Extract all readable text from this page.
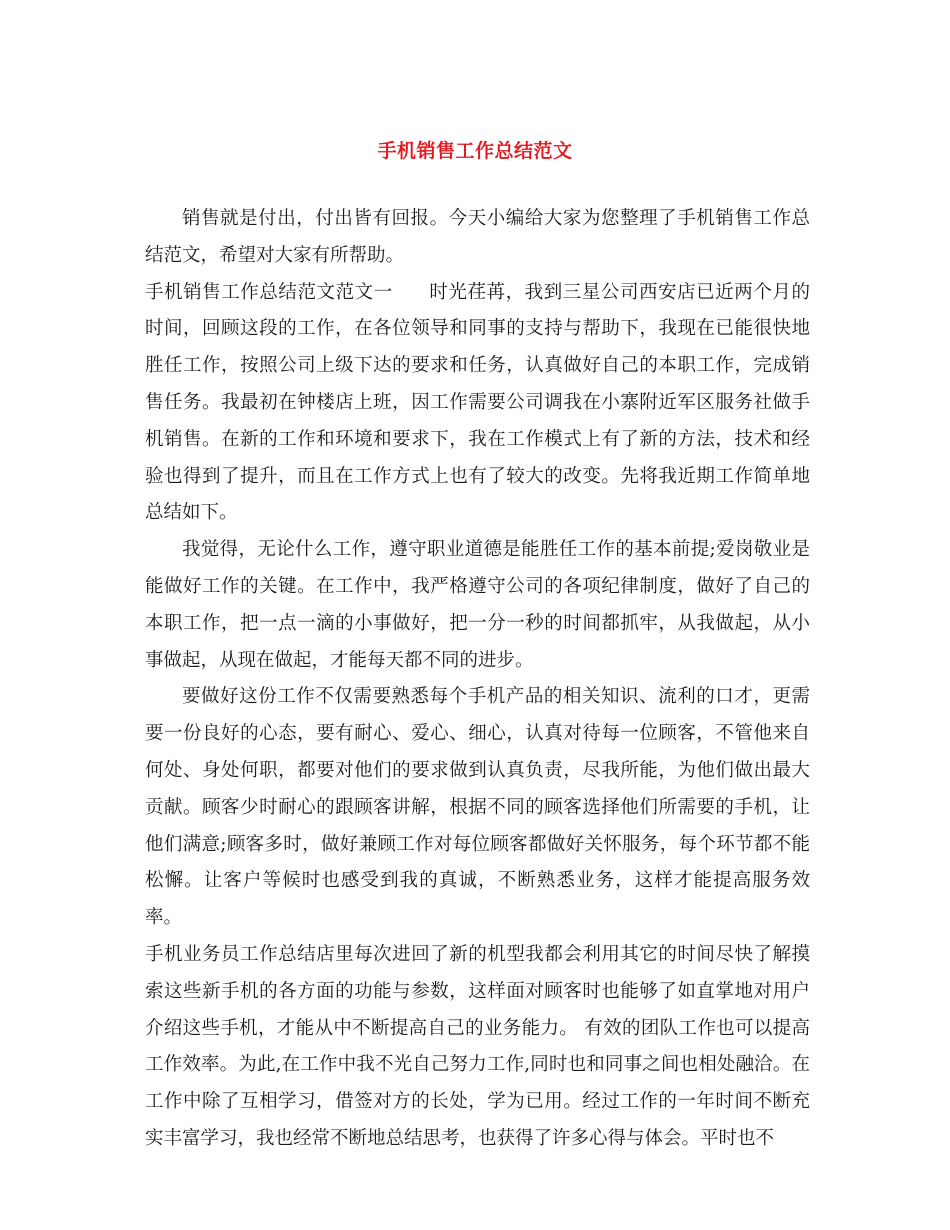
手机销售工作总结范文

销售就是付出，付出皆有回报。今天小编给大家为您整理了手机销售工作总结范文，希望对大家有所帮助。

手机销售工作总结范文范文一 时光荏苒，我到三星公司西安店已近两个月的时间，回顾这段的工作，在各位领导和同事的支持与帮助下，我现在已能很快地胜任工作，按照公司上级下达的要求和任务，认真做好自己的本职工作，完成销售任务。我最初在钟楼店上班，因工作需要公司调我在小寨附近军区服务社做手机销售。在新的工作和环境和要求下，我在工作模式上有了新的方法，技术和经验也得到了提升，而且在工作方式上也有了较大的改变。先将我近期工作简单地总结如下。

我觉得，无论什么工作，遵守职业道德是能胜任工作的基本前提;爱岗敬业是能做好工作的关键。在工作中，我严格遵守公司的各项纪律制度，做好了自己的本职工作，把一点一滴的小事做好，把一分一秒的时间都抓牢，从我做起，从小事做起，从现在做起，才能每天都不同的进步。

要做好这份工作不仅需要熟悉每个手机产品的相关知识、流利的口才，更需要一份良好的心态，要有耐心、爱心、细心，认真对待每一位顾客，不管他来自何处、身处何职，都要对他们的要求做到认真负责，尽我所能，为他们做出最大贡献。顾客少时耐心的跟顾客讲解，根据不同的顾客选择他们所需要的手机，让他们满意;顾客多时，做好兼顾工作对每位顾客都做好关怀服务，每个环节都不能松懈。让客户等候时也感受到我的真诚，不断熟悉业务，这样才能提高服务效率。

手机业务员工作总结店里每次进回了新的机型我都会利用其它的时间尽快了解摸索这些新手机的各方面的功能与参数，这样面对顾客时也能够了如直掌地对用户介绍这些手机，才能从中不断提高自己的业务能力。 有效的团队工作也可以提高工作效率。为此,在工作中我不光自己努力工作,同时也和同事之间也相处融洽。在工作中除了互相学习，借签对方的长处，学为已用。经过工作的一年时间不断充实丰富学习，我也经常不断地总结思考，也获得了许多心得与体会。平时也不
